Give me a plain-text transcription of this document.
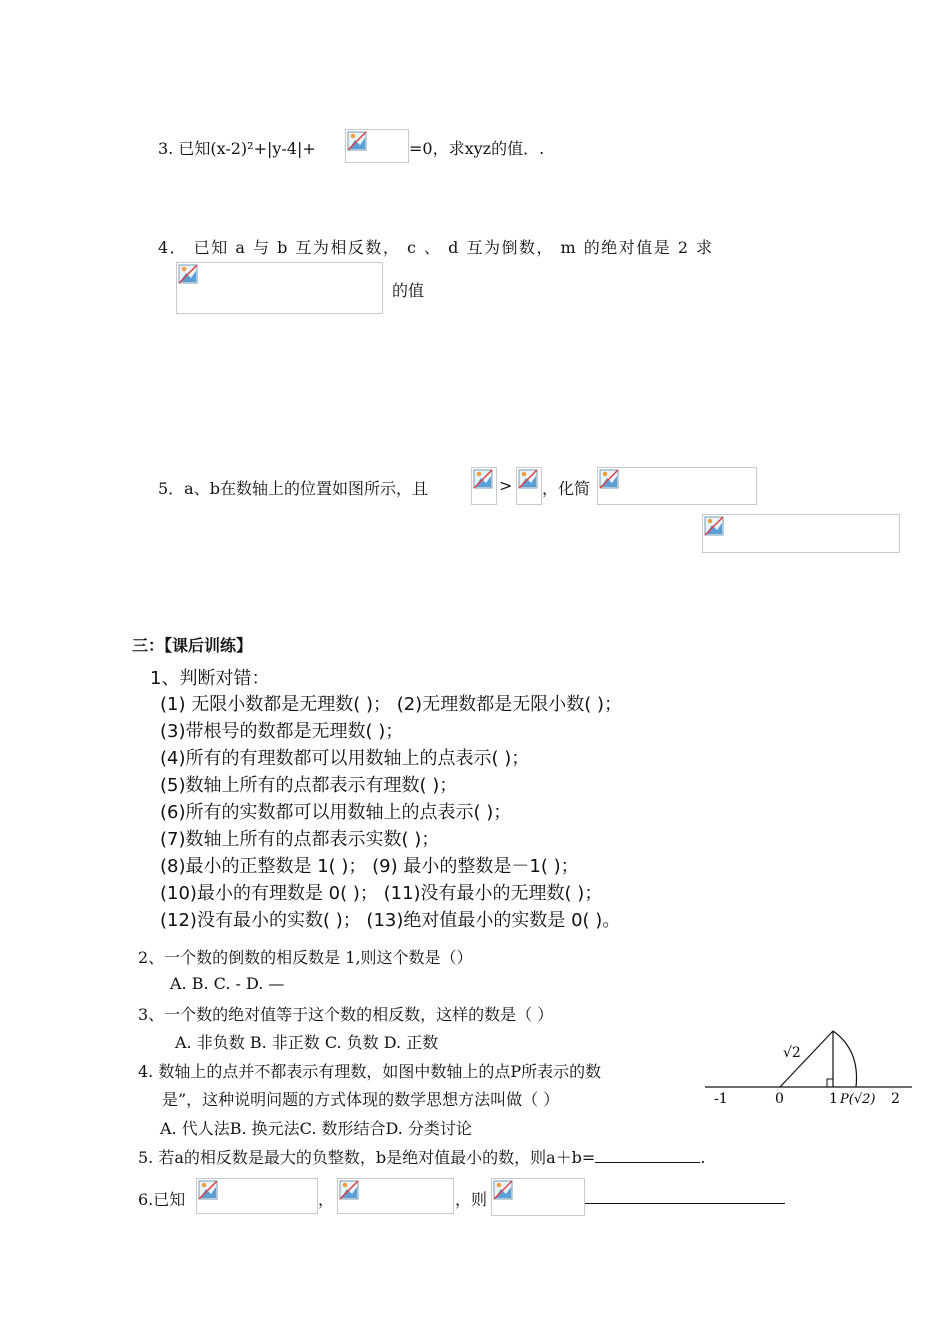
3. 已知(x-2)²+|y-4|+	=0，求xyz的值．.
4． 已知 a 与 b 互为相反数， c 、 d 互为倒数， m 的绝对值是 2 求
的值
5．a、b在数轴上的位置如图所示，且	> ，化简
三：【课后训练】
1、判断对错：
(1) 无限小数都是无理数( )； (2)无理数都是无限小数( )；
(3)带根号的数都是无理数( )；
(4)所有的有理数都可以用数轴上的点表示( )；
(5)数轴上所有的点都表示有理数( )；
(6)所有的实数都可以用数轴上的点表示( )；
(7)数轴上所有的点都表示实数( )；
(8)最小的正整数是 1( )； (9) 最小的整数是－1( )；
(10)最小的有理数是 0( )； (11)没有最小的无理数( )；
(12)没有最小的实数( )； (13)绝对值最小的实数是 0( )。
2、一个数的倒数的相反数是 1,则这个数是（）
A. B. C. - D. —
3、一个数的绝对值等于这个数的相反数，这样的数是（ ）
A. 非负数 B. 非正数 C. 负数 D. 正数
4. 数轴上的点并不都表示有理数，如图中数轴上的点P所表示的数
是”，这种说明问题的方式体现的数学思想方法叫做（ ）
A. 代人法B. 换元法C. 数形结合D. 分类讨论
√2
-1	0	1 P(√2) 2
5. 若a的相反数是最大的负整数，b是绝对值最小的数，则a＋b=	.
6.已知	，	，则
